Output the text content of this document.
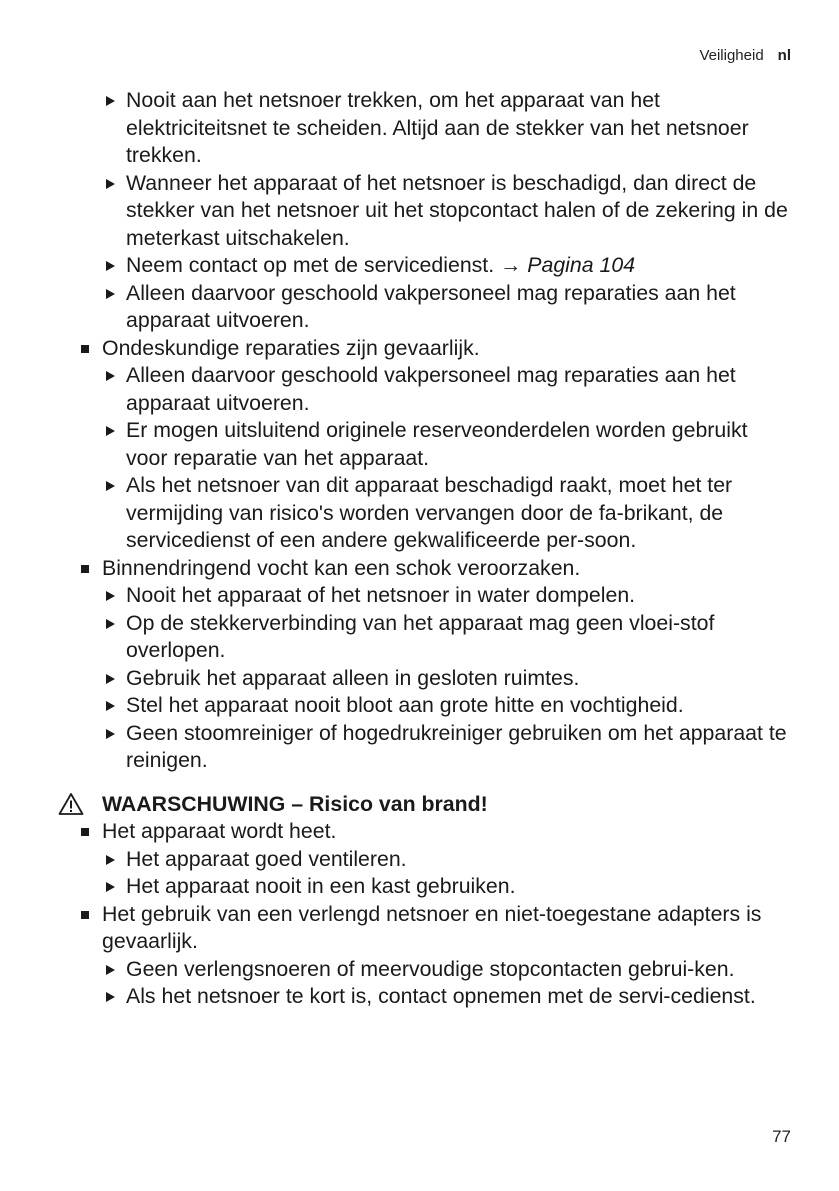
Veiligheid nl
Nooit aan het netsnoer trekken, om het apparaat van het elektriciteitsnet te scheiden. Altijd aan de stekker van het netsnoer trekken.
Wanneer het apparaat of het netsnoer is beschadigd, dan direct de stekker van het netsnoer uit het stopcontact halen of de zekering in de meterkast uitschakelen.
Neem contact op met de servicedienst. → Pagina 104
Alleen daarvoor geschoold vakpersoneel mag reparaties aan het apparaat uitvoeren.
Ondeskundige reparaties zijn gevaarlijk.
Alleen daarvoor geschoold vakpersoneel mag reparaties aan het apparaat uitvoeren.
Er mogen uitsluitend originele reserveonderdelen worden gebruikt voor reparatie van het apparaat.
Als het netsnoer van dit apparaat beschadigd raakt, moet het ter vermijding van risico's worden vervangen door de fa-brikant, de servicedienst of een andere gekwalificeerde per-soon.
Binnendringend vocht kan een schok veroorzaken.
Nooit het apparaat of het netsnoer in water dompelen.
Op de stekkerverbinding van het apparaat mag geen vloei-stof overlopen.
Gebruik het apparaat alleen in gesloten ruimtes.
Stel het apparaat nooit bloot aan grote hitte en vochtigheid.
Geen stoomreiniger of hogedrukreiniger gebruiken om het apparaat te reinigen.
WAARSCHUWING – Risico van brand!
Het apparaat wordt heet.
Het apparaat goed ventileren.
Het apparaat nooit in een kast gebruiken.
Het gebruik van een verlengd netsnoer en niet-toegestane adapters is gevaarlijk.
Geen verlengsnoeren of meervoudige stopcontacten gebrui-ken.
Als het netsnoer te kort is, contact opnemen met de servi-cedienst.
77
